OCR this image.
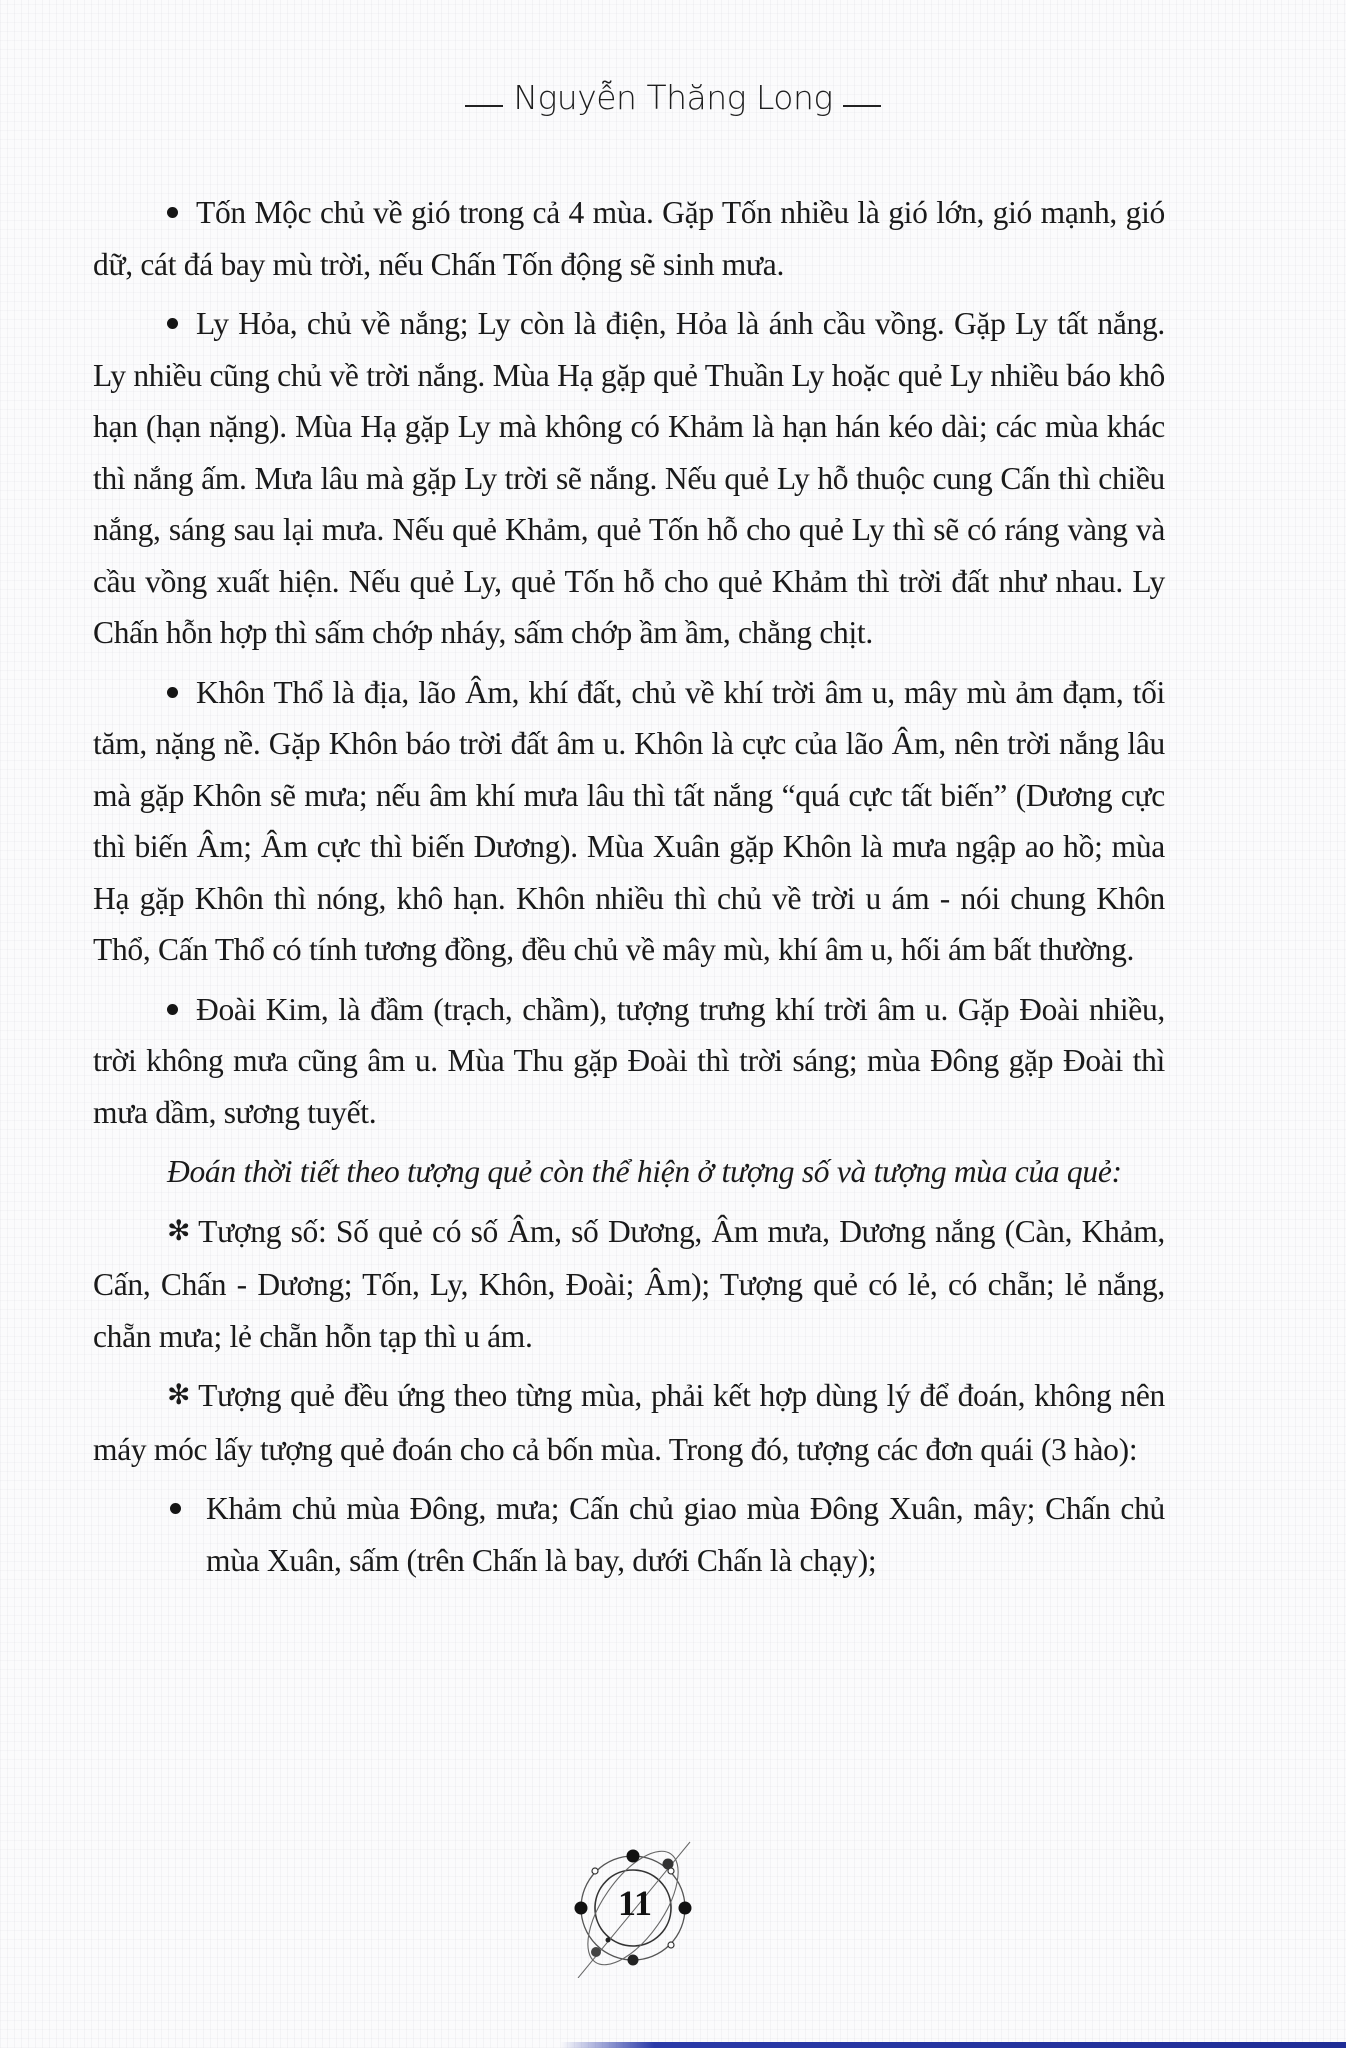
Nguyễn Thăng Long

Tốn Mộc chủ về gió trong cả 4 mùa. Gặp Tốn nhiều là gió lớn, gió mạnh, gió dữ, cát đá bay mù trời, nếu Chấn Tốn động sẽ sinh mưa.

Ly Hỏa, chủ về nắng; Ly còn là điện, Hỏa là ánh cầu vồng. Gặp Ly tất nắng. Ly nhiều cũng chủ về trời nắng. Mùa Hạ gặp quẻ Thuần Ly hoặc quẻ Ly nhiều báo khô hạn (hạn nặng). Mùa Hạ gặp Ly mà không có Khảm là hạn hán kéo dài; các mùa khác thì nắng ấm. Mưa lâu mà gặp Ly trời sẽ nắng. Nếu quẻ Ly hỗ thuộc cung Cấn thì chiều nắng, sáng sau lại mưa. Nếu quẻ Khảm, quẻ Tốn hỗ cho quẻ Ly thì sẽ có ráng vàng và cầu vồng xuất hiện. Nếu quẻ Ly, quẻ Tốn hỗ cho quẻ Khảm thì trời đất như nhau. Ly Chấn hỗn hợp thì sấm chớp nháy, sấm chớp ầm ầm, chằng chịt.

Khôn Thổ là địa, lão Âm, khí đất, chủ về khí trời âm u, mây mù ảm đạm, tối tăm, nặng nề. Gặp Khôn báo trời đất âm u. Khôn là cực của lão Âm, nên trời nắng lâu mà gặp Khôn sẽ mưa; nếu âm khí mưa lâu thì tất nắng “quá cực tất biến” (Dương cực thì biến Âm; Âm cực thì biến Dương). Mùa Xuân gặp Khôn là mưa ngập ao hồ; mùa Hạ gặp Khôn thì nóng, khô hạn. Khôn nhiều thì chủ về trời u ám - nói chung Khôn Thổ, Cấn Thổ có tính tương đồng, đều chủ về mây mù, khí âm u, hối ám bất thường.

Đoài Kim, là đầm (trạch, chầm), tượng trưng khí trời âm u. Gặp Đoài nhiều, trời không mưa cũng âm u. Mùa Thu gặp Đoài thì trời sáng; mùa Đông gặp Đoài thì mưa dầm, sương tuyết.

Đoán thời tiết theo tượng quẻ còn thể hiện ở tượng số và tượng mùa của quẻ:

✻ Tượng số: Số quẻ có số Âm, số Dương, Âm mưa, Dương nắng (Càn, Khảm, Cấn, Chấn - Dương; Tốn, Ly, Khôn, Đoài; Âm); Tượng quẻ có lẻ, có chẵn; lẻ nắng, chẵn mưa; lẻ chẵn hỗn tạp thì u ám.

✻ Tượng quẻ đều ứng theo từng mùa, phải kết hợp dùng lý để đoán, không nên máy móc lấy tượng quẻ đoán cho cả bốn mùa. Trong đó, tượng các đơn quái (3 hào):

Khảm chủ mùa Đông, mưa; Cấn chủ giao mùa Đông Xuân, mây; Chấn chủ mùa Xuân, sấm (trên Chấn là bay, dưới Chấn là chạy);

11
